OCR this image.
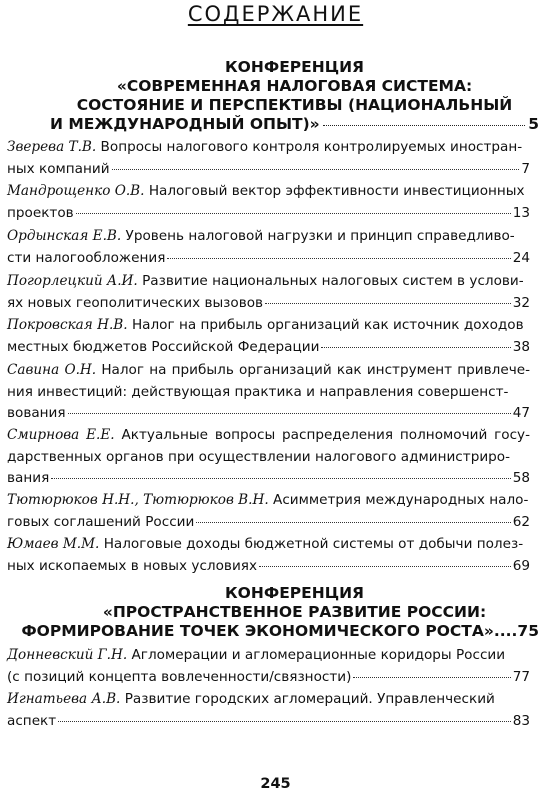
СОДЕРЖАНИЕ
КОНФЕРЕНЦИЯ
«СОВРЕМЕННАЯ НАЛОГОВАЯ СИСТЕМА:
СОСТОЯНИЕ И ПЕРСПЕКТИВЫ (НАЦИОНАЛЬНЫЙ
И МЕЖДУНАРОДНЫЙ ОПЫТ)»	5
Зверева Т.В. Вопросы налогового контроля контролируемых иностран-
ных компаний	7
Мандрощенко О.В. Налоговый вектор эффективности инвестиционных
проектов	13
Ордынская Е.В. Уровень налоговой нагрузки и принцип справедливо-
сти налогообложения	24
Погорлецкий А.И. Развитие национальных налоговых систем в услови-
ях новых геополитических вызовов	32
Покровская Н.В. Налог на прибыль организаций как источник доходов
местных бюджетов Российской Федерации	38
Савина О.Н. Налог на прибыль организаций как инструмент привлече- ния инвестиций: действующая практика и направления совершенст-
вования	47
Смирнова Е.Е. Актуальные вопросы распределения полномочий госу- дарственных органов при осуществлении налогового администриро-
вания	58
Тютюрюков Н.Н., Тютюрюков В.Н. Асимметрия международных нало-
говых соглашений России	62
Юмаев М.М. Налоговые доходы бюджетной системы от добычи полез-
ных ископаемых в новых условиях	69
КОНФЕРЕНЦИЯ
«ПРОСТРАНСТВЕННОЕ РАЗВИТИЕ РОССИИ:
ФОРМИРОВАНИЕ ТОЧЕК ЭКОНОМИЧЕСКОГО РОСТА».... 75
Донневский Г.Н. Агломерации и агломерационные коридоры России
(с позиций концепта вовлеченности/связности)	77
Игнатьева А.В. Развитие городских агломераций. Управленческий
аспект	83
245
